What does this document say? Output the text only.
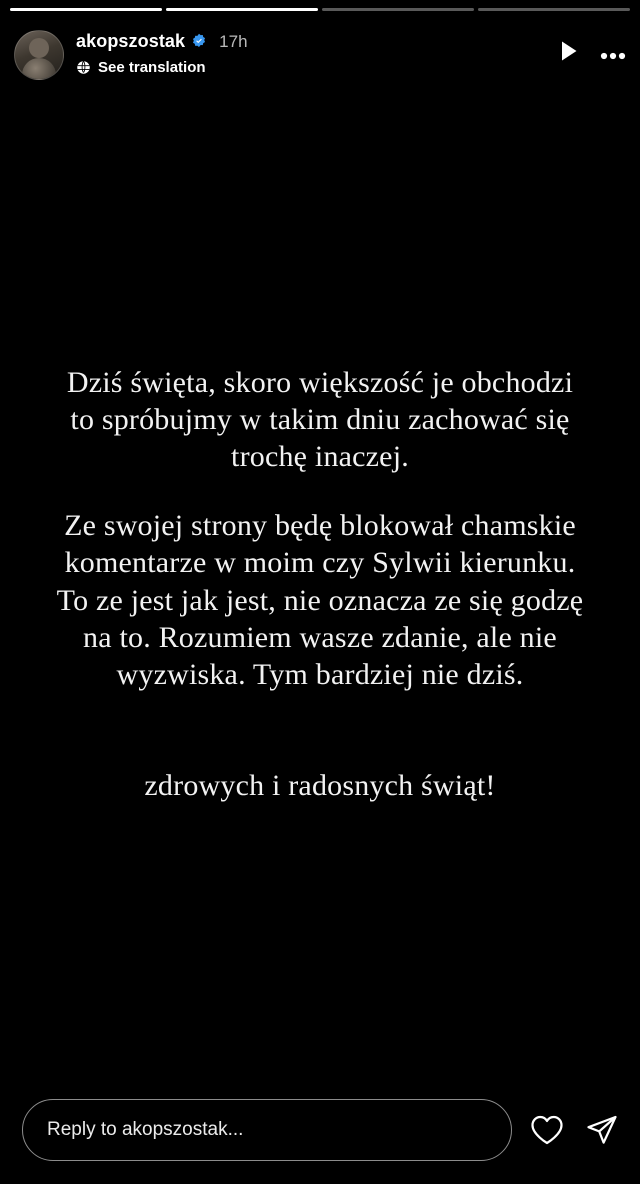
akopszostak 17h
See translation

Dziś święta, skoro większość je obchodzi to spróbujmy w takim dniu zachować się trochę inaczej.

Ze swojej strony będę blokował chamskie komentarze w moim czy Sylwii kierunku. To ze jest jak jest, nie oznacza ze się godzę na to. Rozumiem wasze zdanie, ale nie wyzwiska. Tym bardziej nie dziś.

zdrowych i radosnych świąt!

Reply to akopszostak...
